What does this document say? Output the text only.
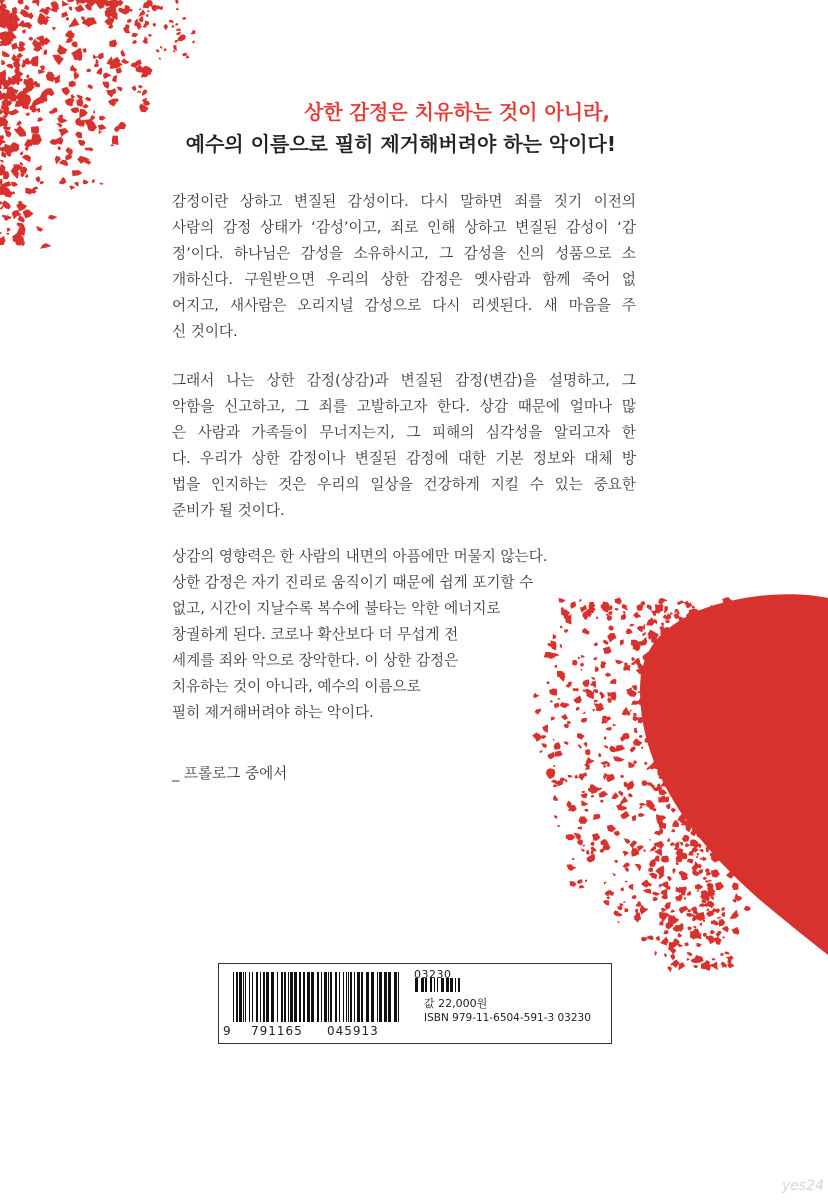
상한 감정은 치유하는 것이 아니라,
예수의 이름으로 필히 제거해버려야 하는 악이다!
감정이란 상하고 변질된 감성이다. 다시 말하면 죄를 짓기 이전의
사람의 감정 상태가 ‘감성’이고, 죄로 인해 상하고 변질된 감성이 ‘감
정’이다. 하나님은 감성을 소유하시고, 그 감성을 신의 성품으로 소
개하신다. 구원받으면 우리의 상한 감정은 옛사람과 함께 죽어 없
어지고, 새사람은 오리지널 감성으로 다시 리셋된다. 새 마음을 주
신 것이다.
그래서 나는 상한 감정(상감)과 변질된 감정(변감)을 설명하고, 그
악함을 신고하고, 그 죄를 고발하고자 한다. 상감 때문에 얼마나 많
은 사람과 가족들이 무너지는지, 그 피해의 심각성을 알리고자 한
다. 우리가 상한 감정이나 변질된 감정에 대한 기본 정보와 대체 방
법을 인지하는 것은 우리의 일상을 건강하게 지킬 수 있는 중요한
준비가 될 것이다.
상감의 영향력은 한 사람의 내면의 아픔에만 머물지 않는다.
상한 감정은 자기 진리로 움직이기 때문에 쉽게 포기할 수
없고, 시간이 지날수록 복수에 불타는 악한 에너지로
창궐하게 된다. 코로나 확산보다 더 무섭게 전
세계를 죄와 악으로 장악한다. 이 상한 감정은
치유하는 것이 아니라, 예수의 이름으로
필히 제거해버려야 하는 악이다.
_ 프롤로그 중에서
03230
값 22,000원
ISBN 979-11-6504-591-3 03230
9 791165 045913
yes24
